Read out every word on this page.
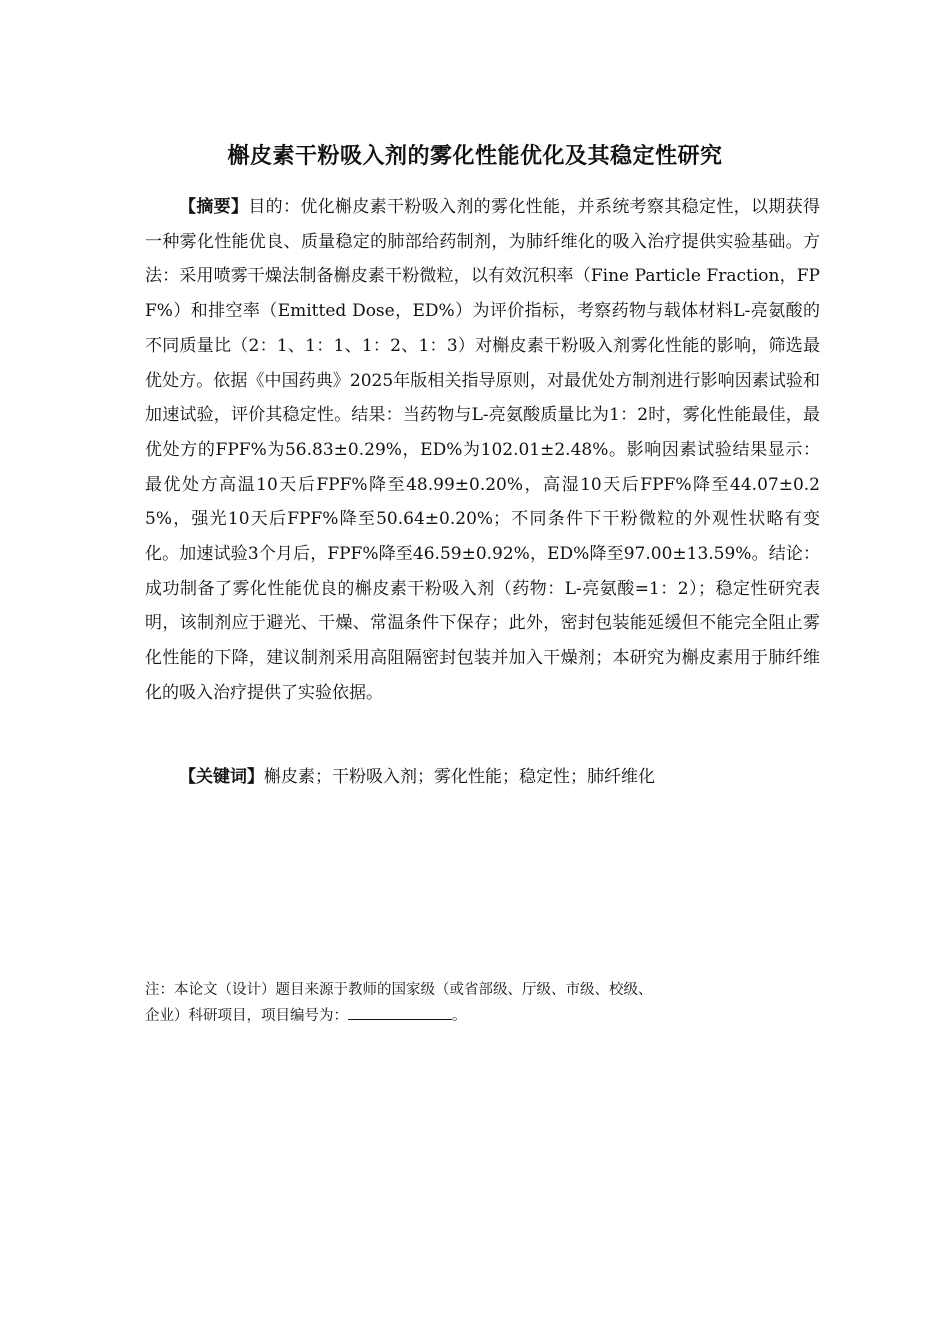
槲皮素干粉吸入剂的雾化性能优化及其稳定性研究
【摘要】目的：优化槲皮素干粉吸入剂的雾化性能，并系统考察其稳定性，以期获得一种雾化性能优良、质量稳定的肺部给药制剂，为肺纤维化的吸入治疗提供实验基础。方法：采用喷雾干燥法制备槲皮素干粉微粒，以有效沉积率（Fine Particle Fraction，FPF%）和排空率（Emitted Dose，ED%）为评价指标，考察药物与载体材料L-亮氨酸的不同质量比（2：1、1：1、1：2、1：3）对槲皮素干粉吸入剂雾化性能的影响，筛选最优处方。依据《中国药典》2025年版相关指导原则，对最优处方制剂进行影响因素试验和加速试验，评价其稳定性。结果：当药物与L-亮氨酸质量比为1：2时，雾化性能最佳，最优处方的FPF%为56.83±0.29%，ED%为102.01±2.48%。影响因素试验结果显示：最优处方高温10天后FPF%降至48.99±0.20%，高湿10天后FPF%降至44.07±0.25%，强光10天后FPF%降至50.64±0.20%；不同条件下干粉微粒的外观性状略有变化。加速试验3个月后，FPF%降至46.59±0.92%，ED%降至97.00±13.59%。结论：成功制备了雾化性能优良的槲皮素干粉吸入剂（药物：L-亮氨酸=1：2）；稳定性研究表明，该制剂应于避光、干燥、常温条件下保存；此外，密封包装能延缓但不能完全阻止雾化性能的下降，建议制剂采用高阻隔密封包装并加入干燥剂；本研究为槲皮素用于肺纤维化的吸入治疗提供了实验依据。
【关键词】槲皮素；干粉吸入剂；雾化性能；稳定性；肺纤维化
注：本论文（设计）题目来源于教师的国家级（或省部级、厅级、市级、校级、
企业）科研项目，项目编号为：	。
